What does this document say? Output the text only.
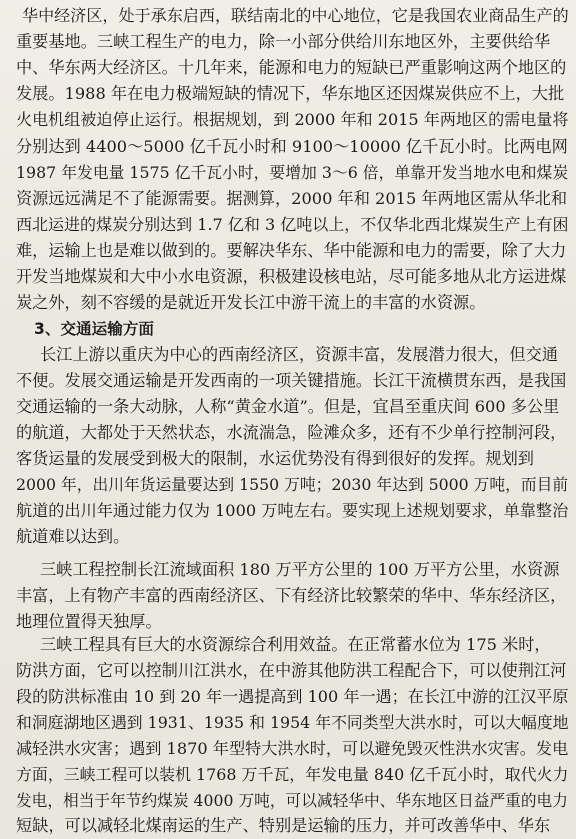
华中经济区，处于承东启西，联结南北的中心地位，它是我国农业商品生产的
重要基地。三峡工程生产的电力，除一小部分供给川东地区外，主要供给华
中、华东两大经济区。十几年来，能源和电力的短缺已严重影响这两个地区的
发展。1988 年在电力极端短缺的情况下，华东地区还因煤炭供应不上，大批
火电机组被迫停止运行。根据规划，到 2000 年和 2015 年两地区的需电量将
分别达到 4400～5000 亿千瓦小时和 9100～10000 亿千瓦小时。比两电网
1987 年发电量 1575 亿千瓦小时，要增加 3～6 倍，单靠开发当地水电和煤炭
资源远远满足不了能源需要。据测算，2000 年和 2015 年两地区需从华北和
西北运进的煤炭分别达到 1.7 亿和 3 亿吨以上，不仅华北西北煤炭生产上有困
难，运输上也是难以做到的。要解决华东、华中能源和电力的需要，除了大力
开发当地煤炭和大中小水电资源，积极建设核电站，尽可能多地从北方运进煤
炭之外，刻不容缓的是就近开发长江中游干流上的丰富的水资源。
3、交通运输方面
长江上游以重庆为中心的西南经济区，资源丰富，发展潜力很大，但交通
不便。发展交通运输是开发西南的一项关键措施。长江干流横贯东西，是我国
交通运输的一条大动脉，人称“黄金水道”。但是，宜昌至重庆间 600 多公里
的航道，大都处于天然状态，水流湍急，险滩众多，还有不少单行控制河段，
客货运量的发展受到极大的限制，水运优势没有得到很好的发挥。规划到
2000 年，出川年货运量要达到 1550 万吨；2030 年达到 5000 万吨，而目前
航道的出川年通过能力仅为 1000 万吨左右。要实现上述规划要求，单靠整治
航道难以达到。
三峡工程控制长江流域面积 180 万平方公里的 100 万平方公里，水资源
丰富，上有物产丰富的西南经济区、下有经济比较繁荣的华中、华东经济区，
地理位置得天独厚。
三峡工程具有巨大的水资源综合利用效益。在正常蓄水位为 175 米时，
防洪方面，它可以控制川江洪水，在中游其他防洪工程配合下，可以使荆江河
段的防洪标准由 10 到 20 年一遇提高到 100 年一遇；在长江中游的江汉平原
和洞庭湖地区遇到 1931、1935 和 1954 年不同类型大洪水时，可以大幅度地
减轻洪水灾害；遇到 1870 年型特大洪水时，可以避免毁灭性洪水灾害。发电
方面，三峡工程可以装机 1768 万千瓦，年发电量 840 亿千瓦小时，取代火力
发电，相当于年节约煤炭 4000 万吨，可以减轻华中、华东地区日益严重的电力
短缺，可以减轻北煤南运的生产、特别是运输的压力，并可改善华中、华东
